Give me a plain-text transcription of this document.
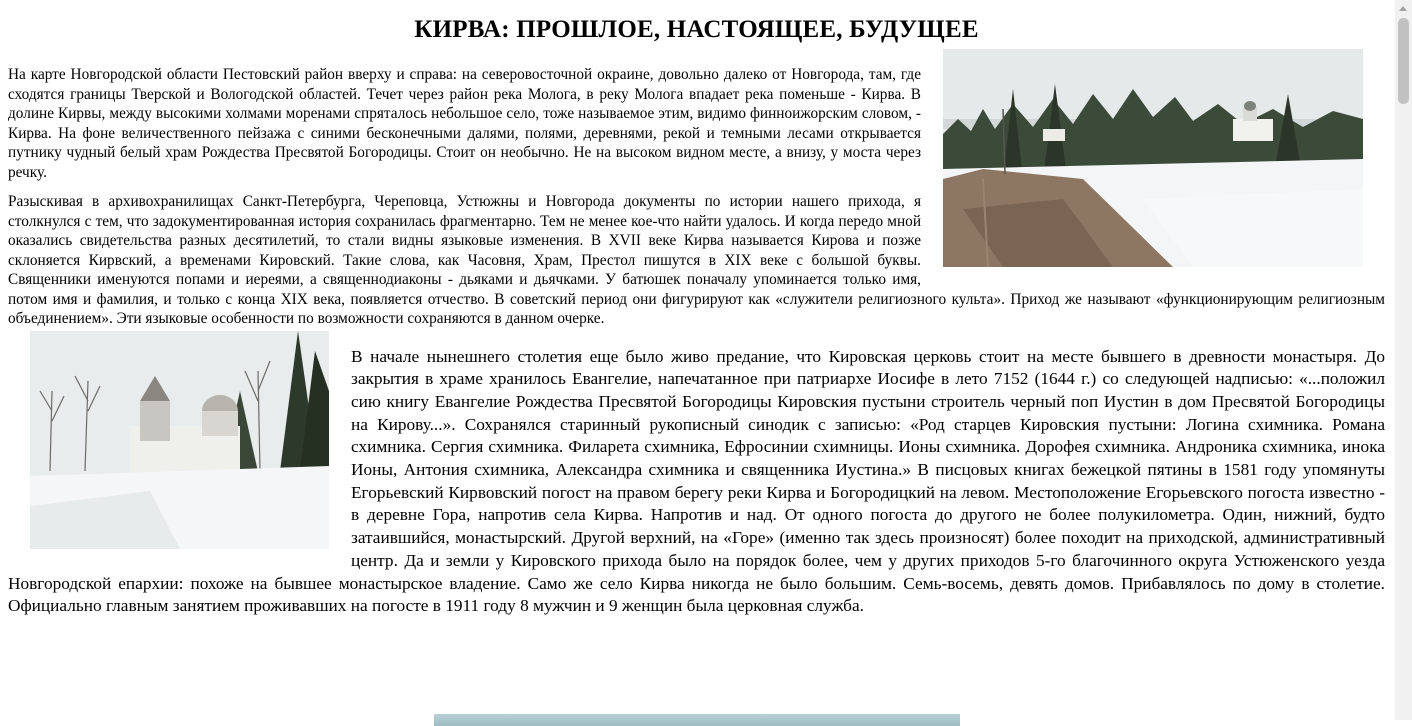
КИРВА: ПРОШЛОЕ, НАСТОЯЩЕЕ, БУДУЩЕЕ

На карте Новгородской области Пестовский район вверху и справа: на северовосточной окраине, довольно далеко от Новгорода, там, где сходятся границы Тверской и Вологодской областей. Течет через район река Молога, в реку Молога впадает река поменьше - Кирва. В долине Кирвы, между высокими холмами моренами спряталось небольшое село, тоже называемое этим, видимо финноижорским словом, - Кирва. На фоне величественного пейзажа с синими бесконечными далями, полями, деревнями, рекой и темными лесами открывается путнику чудный белый храм Рождества Пресвятой Богородицы. Стоит он необычно. Не на высоком видном месте, а внизу, у моста через речку.

Разыскивая в архивохранилищах Санкт-Петербурга, Череповца, Устюжны и Новгорода документы по истории нашего прихода, я столкнулся с тем, что задокументированная история сохранилась фрагментарно. Тем не менее кое-что найти удалось. И когда передо мной оказались свидетельства разных десятилетий, то стали видны языковые изменения. В XVII веке Кирва называется Кирова и позже склоняется Кирвский, а временами Кировский. Такие слова, как Часовня, Храм, Престол пишутся в XIX веке с большой буквы. Священники именуются попами и иереями, а священнодиаконы - дьяками и дьячками. У батюшек поначалу упоминается только имя, потом имя и фамилия, и только с конца XIX века, появляется отчество. В советский период они фигурируют как «служители религиозного культа». Приход же называют «функционирующим религиозным объединением». Эти языковые особенности по возможности сохраняются в данном очерке.

В начале нынешнего столетия еще было живо предание, что Кировская церковь стоит на месте бывшего в древности монастыря. До закрытия в храме хранилось Евангелие, напечатанное при патриархе Иосифе в лето 7152 (1644 г.) со следующей надписью: «...положил сию книгу Евангелие Рождества Пресвятой Богородицы Кировския пустыни строитель черный поп Иустин в дом Пресвятой Богородицы на Кирову...». Сохранялся старинный рукописный синодик с записью: «Род старцев Кировския пустыни: Логина схимника. Романа схимника. Сергия схимника. Филарета схимника, Ефросинии схимницы. Ионы схимника. Дорофея схимника. Андроника схимника, инока Ионы, Антония схимника, Александра схимника и священника Иустина.» В писцовых книгах бежецкой пятины в 1581 году упомянуты Егорьевский Кирвовский погост на правом берегу реки Кирва и Богородицкий на левом. Местоположение Егорьевского погоста известно - в деревне Гора, напротив села Кирва. Напротив и над. От одного погоста до другого не более полукилометра. Один, нижний, будто затаившийся, монастырский. Другой верхний, на «Горе» (именно так здесь произносят) более походит на приходской, административный центр. Да и земли у Кировского прихода было на порядок более, чем у других приходов 5-го благочинного округа Устюженского уезда Новгородской епархии: похоже на бывшее монастырское владение. Само же село Кирва никогда не было большим. Семь-восемь, девять домов. Прибавлялось по дому в столетие. Официально главным занятием проживавших на погосте в 1911 году 8 мужчин и 9 женщин была церковная служба.
